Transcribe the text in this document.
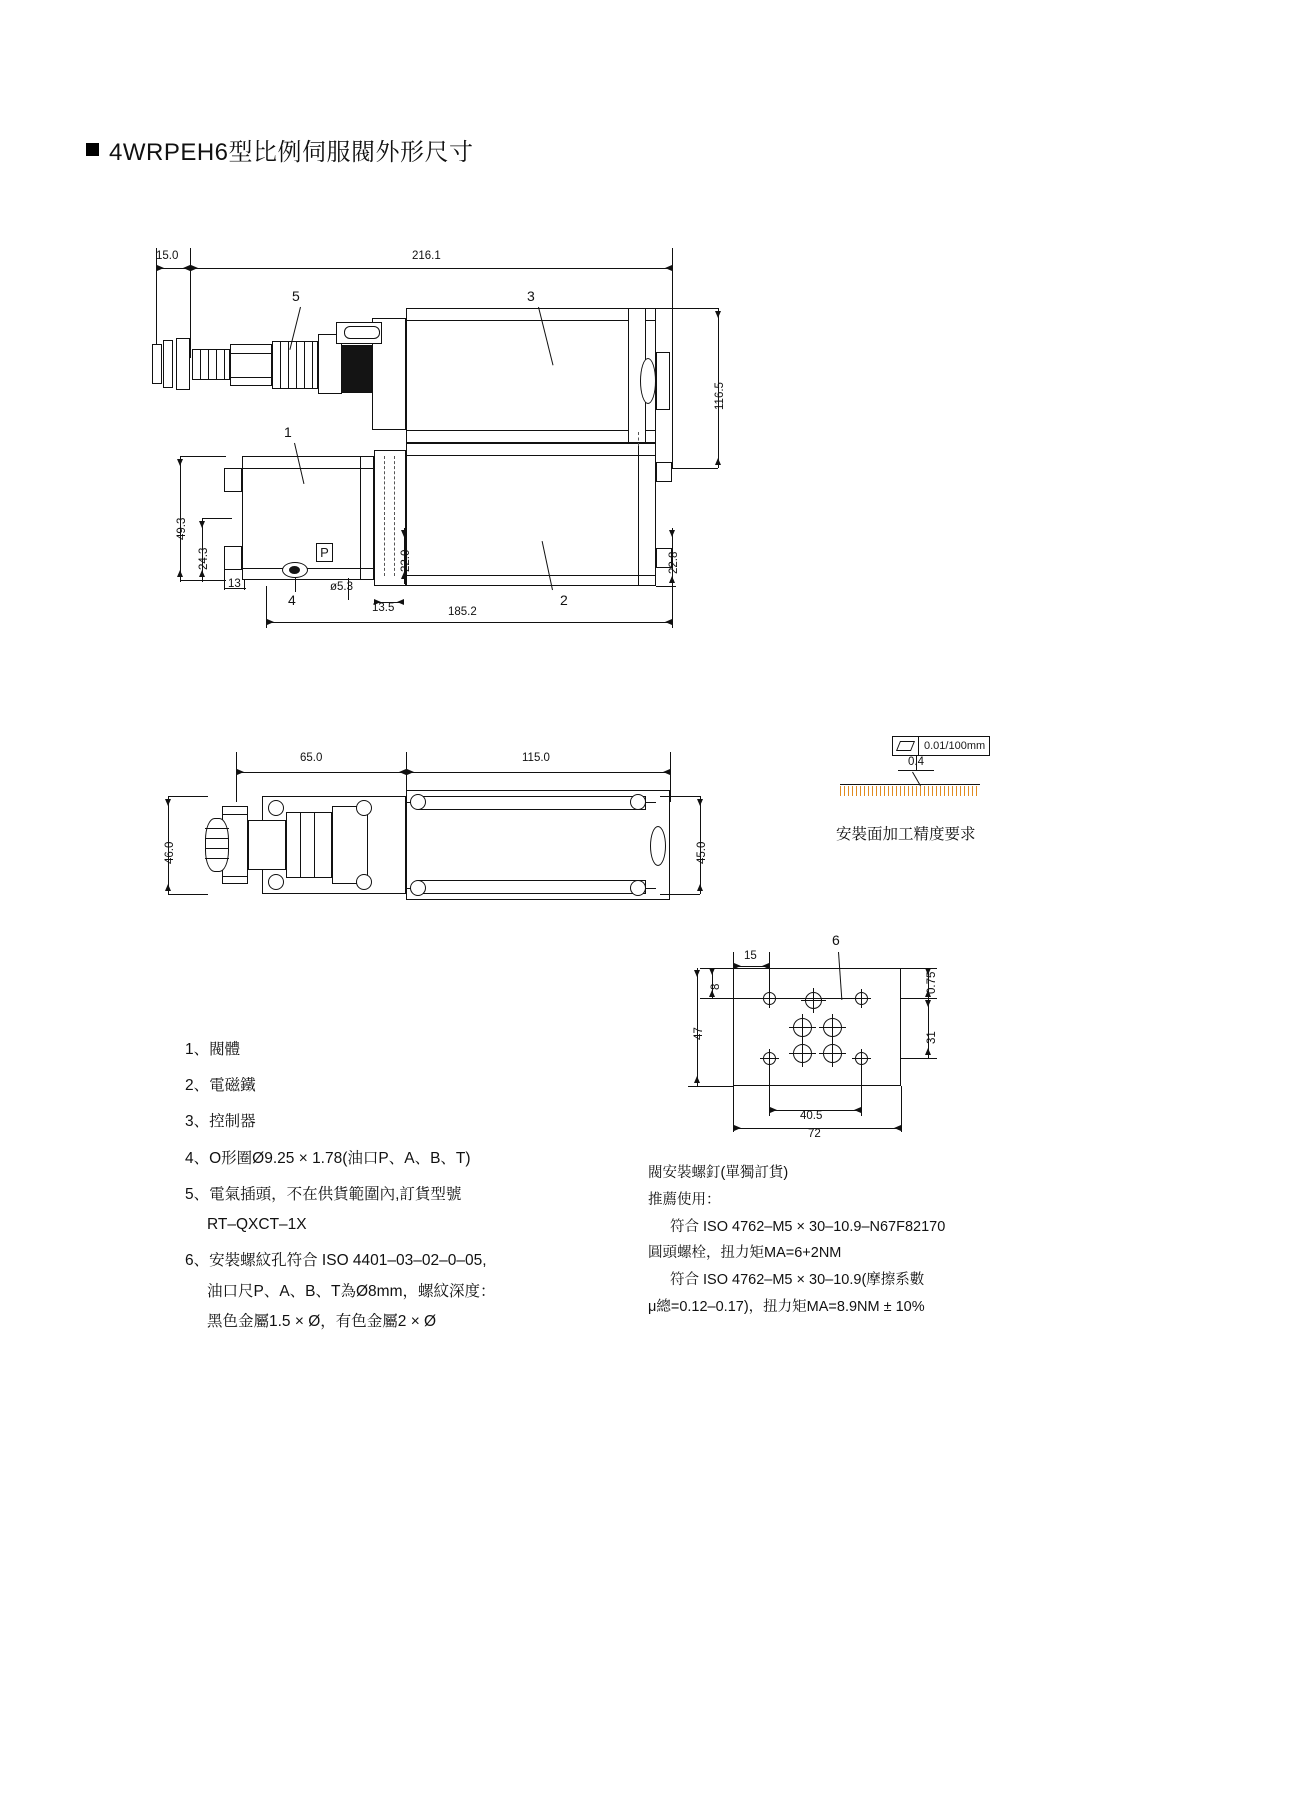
4WRPEH6型比例伺服閥外形尺寸
15.0	216.1
116.5
5	3
P
1
2
4
49.3
24.3	22.0	22.8
13	ø5.3
13.5	185.2
65.0	115.0
46.0	45.0
0.01/100mm
0.4
安裝面加工精度要求
6
15
0.75
31
8
47
40.5
72
1、閥體
2、電磁鐵
3、控制器
4、O形圈Ø9.25 × 1.78(油口P、A、B、T)
5、電氣插頭，不在供貨範圍內,訂貨型號
RT–QXCT–1X
6、安裝螺紋孔符合 ISO 4401–03–02–0–05,
油口尺P、A、B、T為Ø8mm，螺紋深度：
黑色金屬1.5 × Ø，有色金屬2 × Ø
閥安裝螺釘(單獨訂貨)
推薦使用：
符合 ISO 4762–M5 × 30–10.9–N67F82170
圓頭螺栓，扭力矩MA=6+2NM
符合 ISO 4762–M5 × 30–10.9(摩擦系數
μ總=0.12–0.17)，扭力矩MA=8.9NM ± 10%
